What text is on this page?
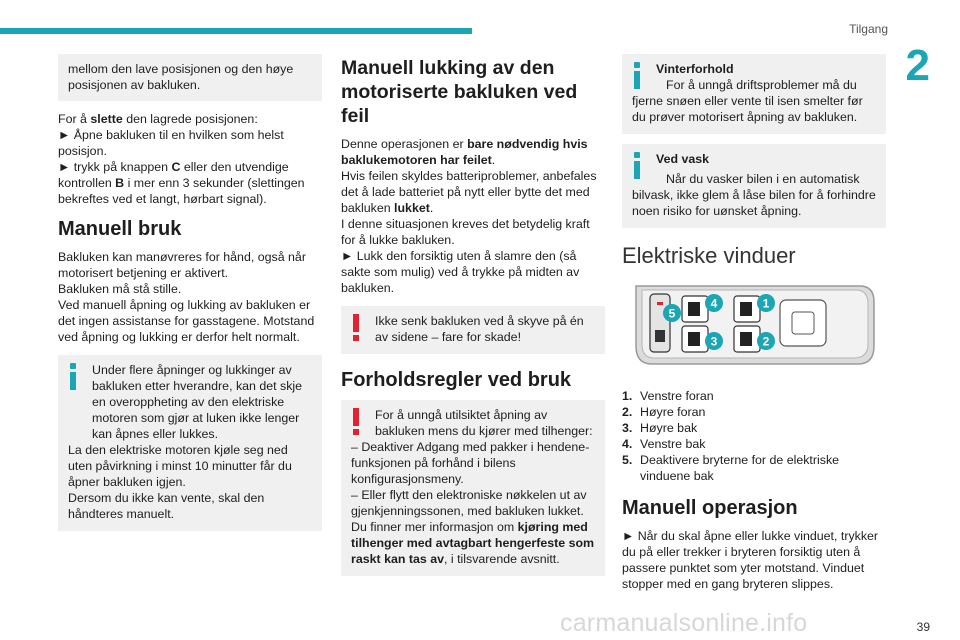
Tilgang
2
39
carmanualsonline.info

mellom den lave posisjonen og den høye posisjonen av bakluken.

For å slette den lagrede posisjonen:

► Åpne bakluken til en hvilken som helst posisjon.

► trykk på knappen C eller den utvendige kontrollen B i mer enn 3 sekunder (slettingen bekreftes ved et langt, hørbart signal).

Manuell bruk

Bakluken kan manøvreres for hånd, også når motorisert betjening er aktivert.

Bakluken må stå stille.

Ved manuell åpning og lukking av bakluken er det ingen assistanse for gasstagene. Motstand ved åpning og lukking er derfor helt normalt.

Under flere åpninger og lukkinger av bakluken etter hverandre, kan det skje en overoppheting av den elektriske motoren som gjør at luken ikke lenger kan åpnes eller lukkes.

La den elektriske motoren kjøle seg ned uten påvirkning i minst 10 minutter får du åpner bakluken igjen.

Dersom du ikke kan vente, skal den håndteres manuelt.

Manuell lukking av den motoriserte bakluken ved feil

Denne operasjonen er bare nødvendig hvis baklukemotoren har feilet.

Hvis feilen skyldes batteriproblemer, anbefales det å lade batteriet på nytt eller bytte det med bakluken lukket.

I denne situasjonen kreves det betydelig kraft for å lukke bakluken.

► Lukk den forsiktig uten å slamre den (så sakte som mulig) ved å trykke på midten av bakluken.

Ikke senk bakluken ved å skyve på én av sidene – fare for skade!

Forholdsregler ved bruk

For å unngå utilsiktet åpning av bakluken mens du kjører med tilhenger:

– Deaktiver Adgang med pakker i hendene-funksjonen på forhånd i bilens konfigurasjonsmeny.

– Eller flytt den elektroniske nøkkelen ut av gjenkjenningssonen, med bakluken lukket.

Du finner mer informasjon om kjøring med tilhenger med avtagbart hengerfeste som raskt kan tas av, i tilsvarende avsnitt.

Vinterforhold

For å unngå driftsproblemer må du fjerne snøen eller vente til isen smelter før du prøver motorisert åpning av bakluken.

Ved vask

Når du vasker bilen i en automatisk bilvask, ikke glem å låse bilen for å forhindre noen risiko for uønsket åpning.

Elektriske vinduer
5
4
3
1
2
1. Venstre foran
2. Høyre foran
3. Høyre bak
4. Venstre bak
5. Deaktivere bryterne for de elektriske vinduene bak
Manuell operasjon

► Når du skal åpne eller lukke vinduet, trykker du på eller trekker i bryteren forsiktig uten å passere punktet som yter motstand. Vinduet stopper med en gang bryteren slippes.
